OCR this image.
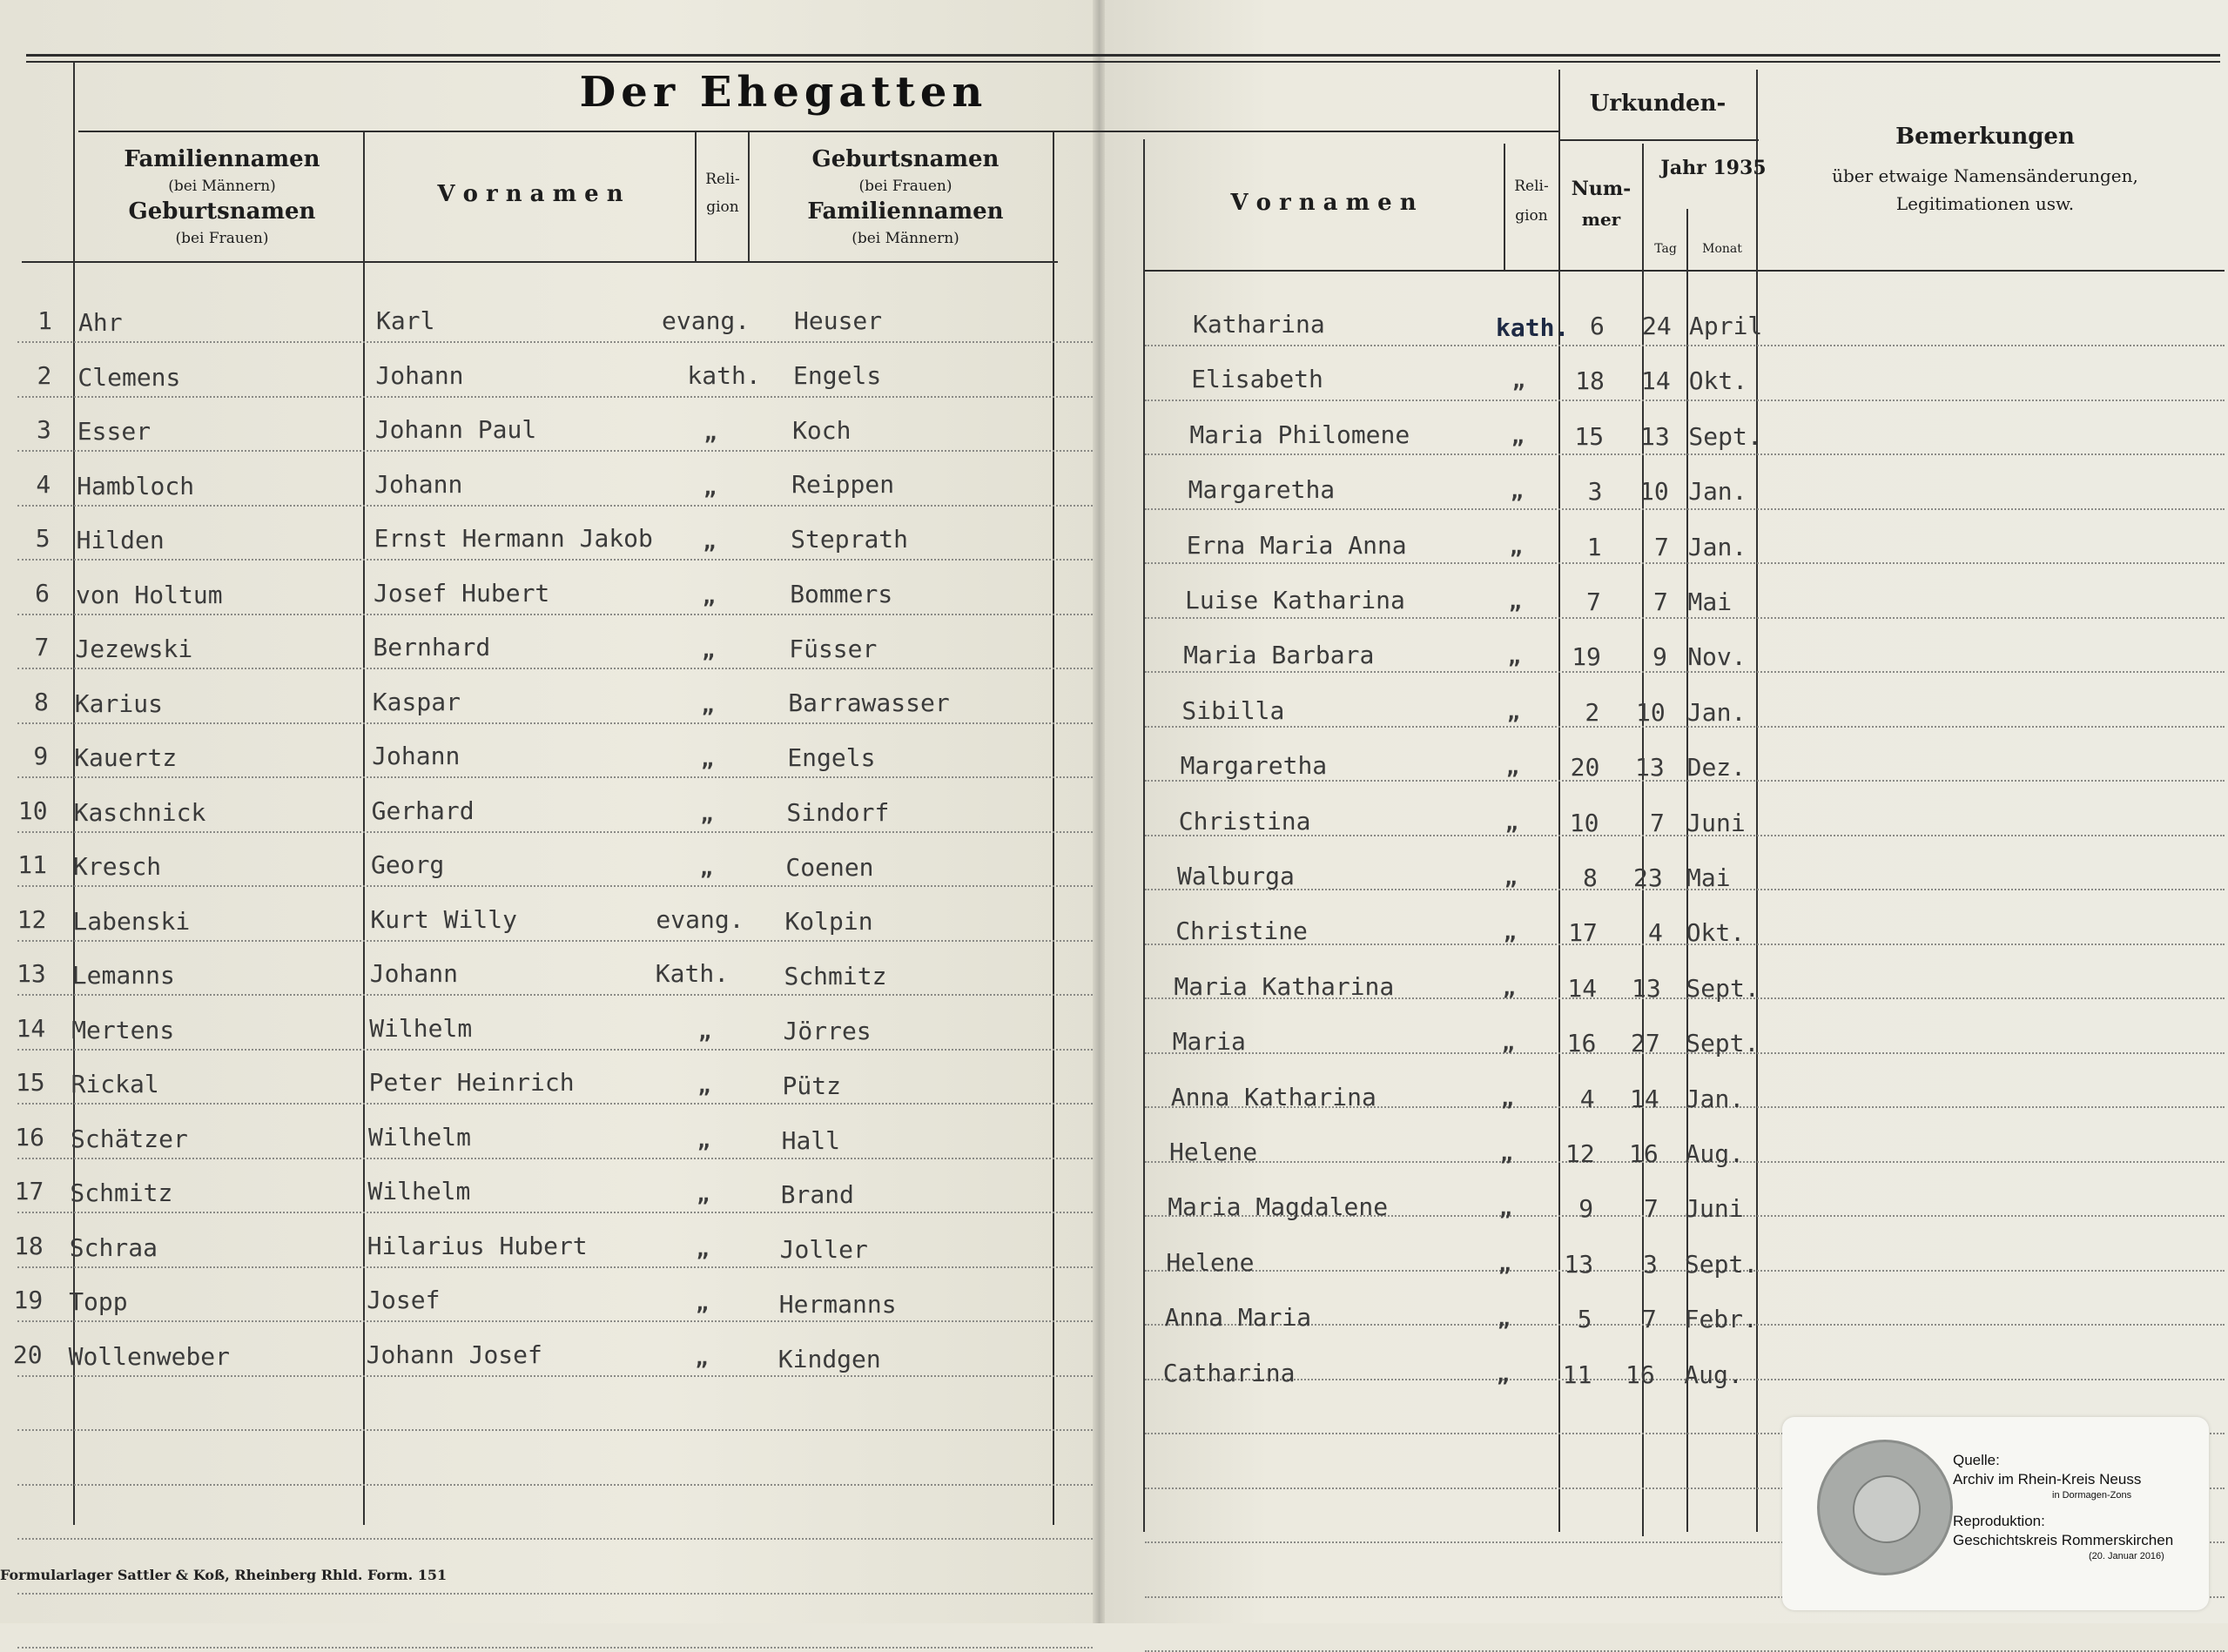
Der Ehegatten
Familiennamen
(bei Männern)
Geburtsnamen
(bei Frauen)
V o r n a m e n
Reli-
gion
Geburtsnamen
(bei Frauen)
Familiennamen
(bei Männern)
V o r n a m e n
Reli-
gion
Urkunden-
Num-
mer
Jahr 1935
Tag	Monat
Bemerkungen
über etwaige Namensänderungen,
Legitimationen usw.
1 Ahr	Karl	evang. Heuser	Katharina	kath. 6 24 April
2 Clemens	Johann	kath. Engels	Elisabeth	„ 18 14 Okt.
3 Esser	Johann Paul	„	Koch	Maria Philomene	„ 15 13 Sept.
4 Hambloch	Johann	„	Reippen	Margaretha	„	3 10 Jan.
5 Hilden	Ernst Hermann Jakob „	Steprath	Erna Maria Anna	„	1 7 Jan.
6 von Holtum	Josef Hubert	„	Bommers	Luise Katharina	„	7 7 Mai
7 Jezewski	Bernhard	„	Füsser	Maria Barbara	„ 19 9 Nov.
8 Karius	Kaspar	„	Barrawasser	Sibilla	„	2 10 Jan.
9 Kauertz	Johann	„	Engels	Margaretha	„ 20 13 Dez.
10 Kaschnick	Gerhard	„	Sindorf	Christina	„ 10 7 Juni
11 Kresch	Georg	„	Coenen	Walburga	„	8 23 Mai
12 Labenski	Kurt Willy	evang. Kolpin	Christine	„ 17 4 Okt.
13 Lemanns	Johann	Kath. Schmitz	Maria Katharina	„ 14 13 Sept.
14 Mertens	Wilhelm	„	Jörres	Maria	„ 16 27 Sept.
15 Rickal	Peter Heinrich	„	Pütz	Anna Katharina	„	4 14 Jan.
16 Schätzer	Wilhelm	„	Hall	Helene	„ 12 16 Aug.
17 Schmitz	Wilhelm	„	Brand	Maria Magdalene	„	9 7 Juni
18 Schraa	Hilarius Hubert	„	Joller	Helene	„ 13 3 Sept.
19 Topp	Josef	„	Hermanns	Anna Maria	„	5 7 Febr.
20 Wollenweber	Johann Josef	„	Kindgen	Catharina	„ 11 16 Aug.
Formularlager Sattler & Koß, Rheinberg Rhld. Form. 151
Quelle:
Archiv im Rhein-Kreis Neuss
in Dormagen-Zons
Reproduktion:
Geschichtskreis Rommerskirchen
(20. Januar 2016)
